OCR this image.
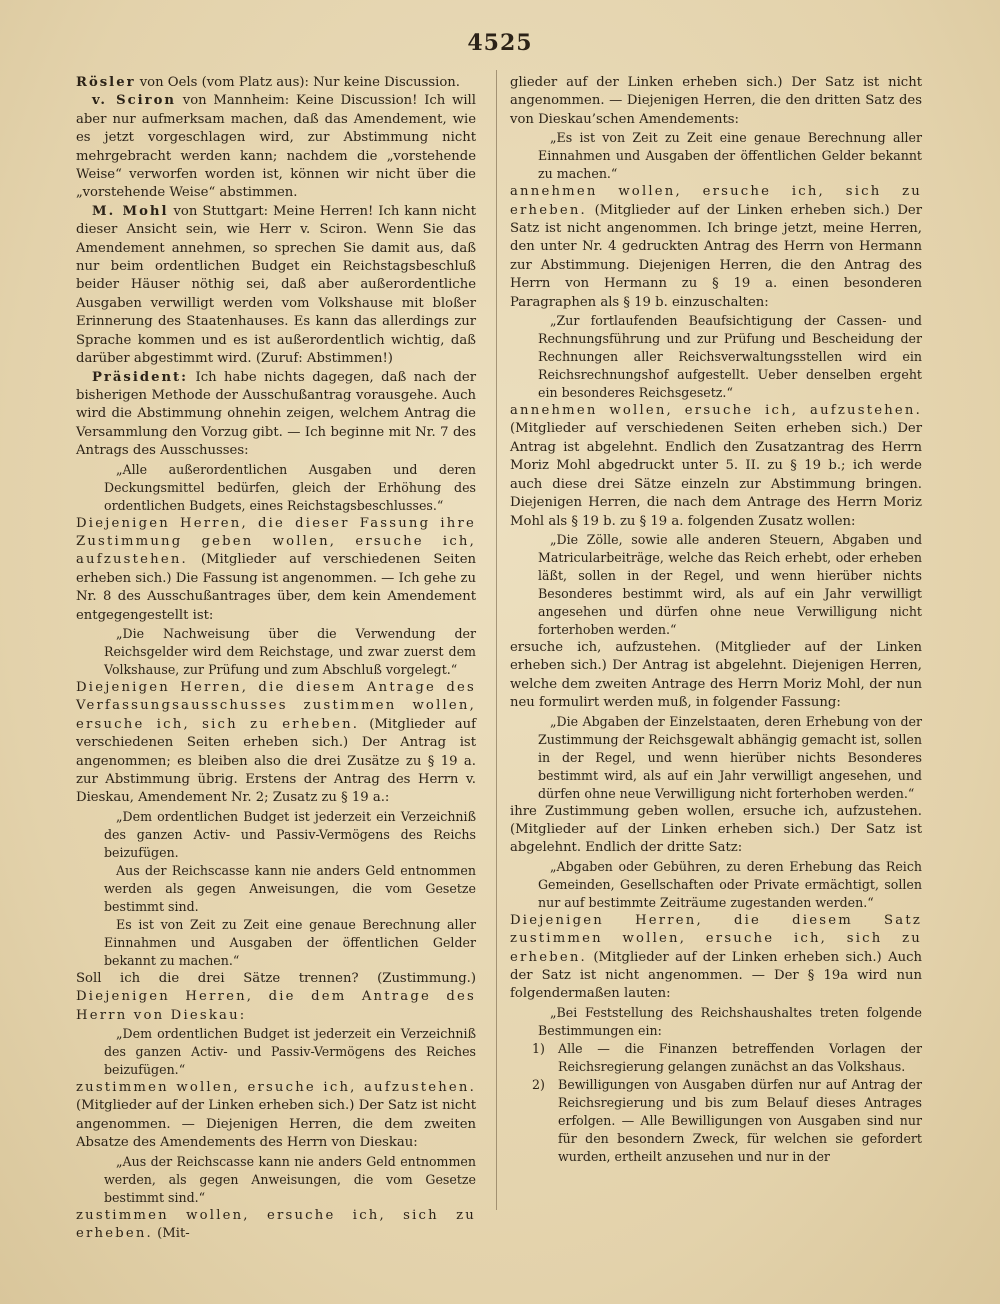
4525

Rösler von Oels (vom Platz aus): Nur keine Discussion.

v. Sciron von Mannheim: Keine Discussion! Ich will aber nur aufmerksam machen, daß das Amendement, wie es jetzt vorgeschlagen wird, zur Abstimmung nicht mehrgebracht werden kann; nachdem die „vorstehende Weise“ verworfen worden ist, können wir nicht über die „vorstehende Weise“ abstimmen.

M. Mohl von Stuttgart: Meine Herren! Ich kann nicht dieser Ansicht sein, wie Herr v. Sciron. Wenn Sie das Amendement annehmen, so sprechen Sie damit aus, daß nur beim ordentlichen Budget ein Reichstagsbeschluß beider Häuser nöthig sei, daß aber außerordentliche Ausgaben verwilligt werden vom Volkshause mit bloßer Erinnerung des Staatenhauses. Es kann das allerdings zur Sprache kommen und es ist außerordentlich wichtig, daß darüber abgestimmt wird. (Zuruf: Abstimmen!)

Präsident: Ich habe nichts dagegen, daß nach der bisherigen Methode der Ausschußantrag vorausgehe. Auch wird die Abstimmung ohnehin zeigen, welchem Antrag die Versammlung den Vorzug gibt. — Ich beginne mit Nr. 7 des Antrags des Ausschusses:

„Alle außerordentlichen Ausgaben und deren Deckungsmittel bedürfen, gleich der Erhöhung des ordentlichen Budgets, eines Reichstagsbeschlusses.“

Diejenigen Herren, die dieser Fassung ihre Zustimmung geben wollen, ersuche ich, aufzustehen. (Mitglieder auf verschiedenen Seiten erheben sich.) Die Fassung ist angenommen. — Ich gehe zu Nr. 8 des Ausschußantrages über, dem kein Amendement entgegengestellt ist:

„Die Nachweisung über die Verwendung der Reichsgelder wird dem Reichstage, und zwar zuerst dem Volkshause, zur Prüfung und zum Abschluß vorgelegt.“

Diejenigen Herren, die diesem Antrage des Verfassungsausschusses zustimmen wollen, ersuche ich, sich zu erheben. (Mitglieder auf verschiedenen Seiten erheben sich.) Der Antrag ist angenommen; es bleiben also die drei Zusätze zu § 19 a. zur Abstimmung übrig. Erstens der Antrag des Herrn v. Dieskau, Amendement Nr. 2; Zusatz zu § 19 a.:

„Dem ordentlichen Budget ist jederzeit ein Verzeichniß des ganzen Activ- und Passiv-Vermögens des Reichs beizufügen.

Aus der Reichscasse kann nie anders Geld entnommen werden als gegen Anweisungen, die vom Gesetze bestimmt sind.

Es ist von Zeit zu Zeit eine genaue Berechnung aller Einnahmen und Ausgaben der öffentlichen Gelder bekannt zu machen.“

Soll ich die drei Sätze trennen? (Zustimmung.) Diejenigen Herren, die dem Antrage des Herrn von Dieskau:

„Dem ordentlichen Budget ist jederzeit ein Verzeichniß des ganzen Activ- und Passiv-Vermögens des Reiches beizufügen.“

zustimmen wollen, ersuche ich, aufzustehen. (Mitglieder auf der Linken erheben sich.) Der Satz ist nicht angenommen. — Diejenigen Herren, die dem zweiten Absatze des Amendements des Herrn von Dieskau:

„Aus der Reichscasse kann nie anders Geld entnommen werden, als gegen Anweisungen, die vom Gesetze bestimmt sind.“

zustimmen wollen, ersuche ich, sich zu erheben. (Mit-

glieder auf der Linken erheben sich.) Der Satz ist nicht angenommen. — Diejenigen Herren, die den dritten Satz des von Dieskau’schen Amendements:

„Es ist von Zeit zu Zeit eine genaue Berechnung aller Einnahmen und Ausgaben der öffentlichen Gelder bekannt zu machen.“

annehmen wollen, ersuche ich, sich zu erheben. (Mitglieder auf der Linken erheben sich.) Der Satz ist nicht angenommen. Ich bringe jetzt, meine Herren, den unter Nr. 4 gedruckten Antrag des Herrn von Hermann zur Abstimmung. Diejenigen Herren, die den Antrag des Herrn von Hermann zu § 19 a. einen besonderen Paragraphen als § 19 b. einzuschalten:

„Zur fortlaufenden Beaufsichtigung der Cassen- und Rechnungsführung und zur Prüfung und Bescheidung der Rechnungen aller Reichsverwaltungsstellen wird ein Reichsrechnungshof aufgestellt. Ueber denselben ergeht ein besonderes Reichsgesetz.“

annehmen wollen, ersuche ich, aufzustehen. (Mitglieder auf verschiedenen Seiten erheben sich.) Der Antrag ist abgelehnt. Endlich den Zusatzantrag des Herrn Moriz Mohl abgedruckt unter 5. II. zu § 19 b.; ich werde auch diese drei Sätze einzeln zur Abstimmung bringen. Diejenigen Herren, die nach dem Antrage des Herrn Moriz Mohl als § 19 b. zu § 19 a. folgenden Zusatz wollen:

„Die Zölle, sowie alle anderen Steuern, Abgaben und Matricularbeiträge, welche das Reich erhebt, oder erheben läßt, sollen in der Regel, und wenn hierüber nichts Besonderes bestimmt wird, als auf ein Jahr verwilligt angesehen und dürfen ohne neue Verwilligung nicht forterhoben werden.“

ersuche ich, aufzustehen. (Mitglieder auf der Linken erheben sich.) Der Antrag ist abgelehnt. Diejenigen Herren, welche dem zweiten Antrage des Herrn Moriz Mohl, der nun neu formulirt werden muß, in folgender Fassung:

„Die Abgaben der Einzelstaaten, deren Erhebung von der Zustimmung der Reichsgewalt abhängig gemacht ist, sollen in der Regel, und wenn hierüber nichts Besonderes bestimmt wird, als auf ein Jahr verwilligt angesehen, und dürfen ohne neue Verwilligung nicht forterhoben werden.“

ihre Zustimmung geben wollen, ersuche ich, aufzustehen. (Mitglieder auf der Linken erheben sich.) Der Satz ist abgelehnt. Endlich der dritte Satz:

„Abgaben oder Gebühren, zu deren Erhebung das Reich Gemeinden, Gesellschaften oder Private ermächtigt, sollen nur auf bestimmte Zeiträume zugestanden werden.“

Diejenigen Herren, die diesem Satz zustimmen wollen, ersuche ich, sich zu erheben. (Mitglieder auf der Linken erheben sich.) Auch der Satz ist nicht angenommen. — Der § 19a wird nun folgendermaßen lauten:

„Bei Feststellung des Reichshaushaltes treten folgende Bestimmungen ein:

1) Alle — die Finanzen betreffenden Vorlagen der Reichsregierung gelangen zunächst an das Volkshaus.
2) Bewilligungen von Ausgaben dürfen nur auf Antrag der Reichsregierung und bis zum Belauf dieses Antrages erfolgen. — Alle Bewilligungen von Ausgaben sind nur für den besondern Zweck, für welchen sie gefordert wurden, ertheilt anzusehen und nur in der
